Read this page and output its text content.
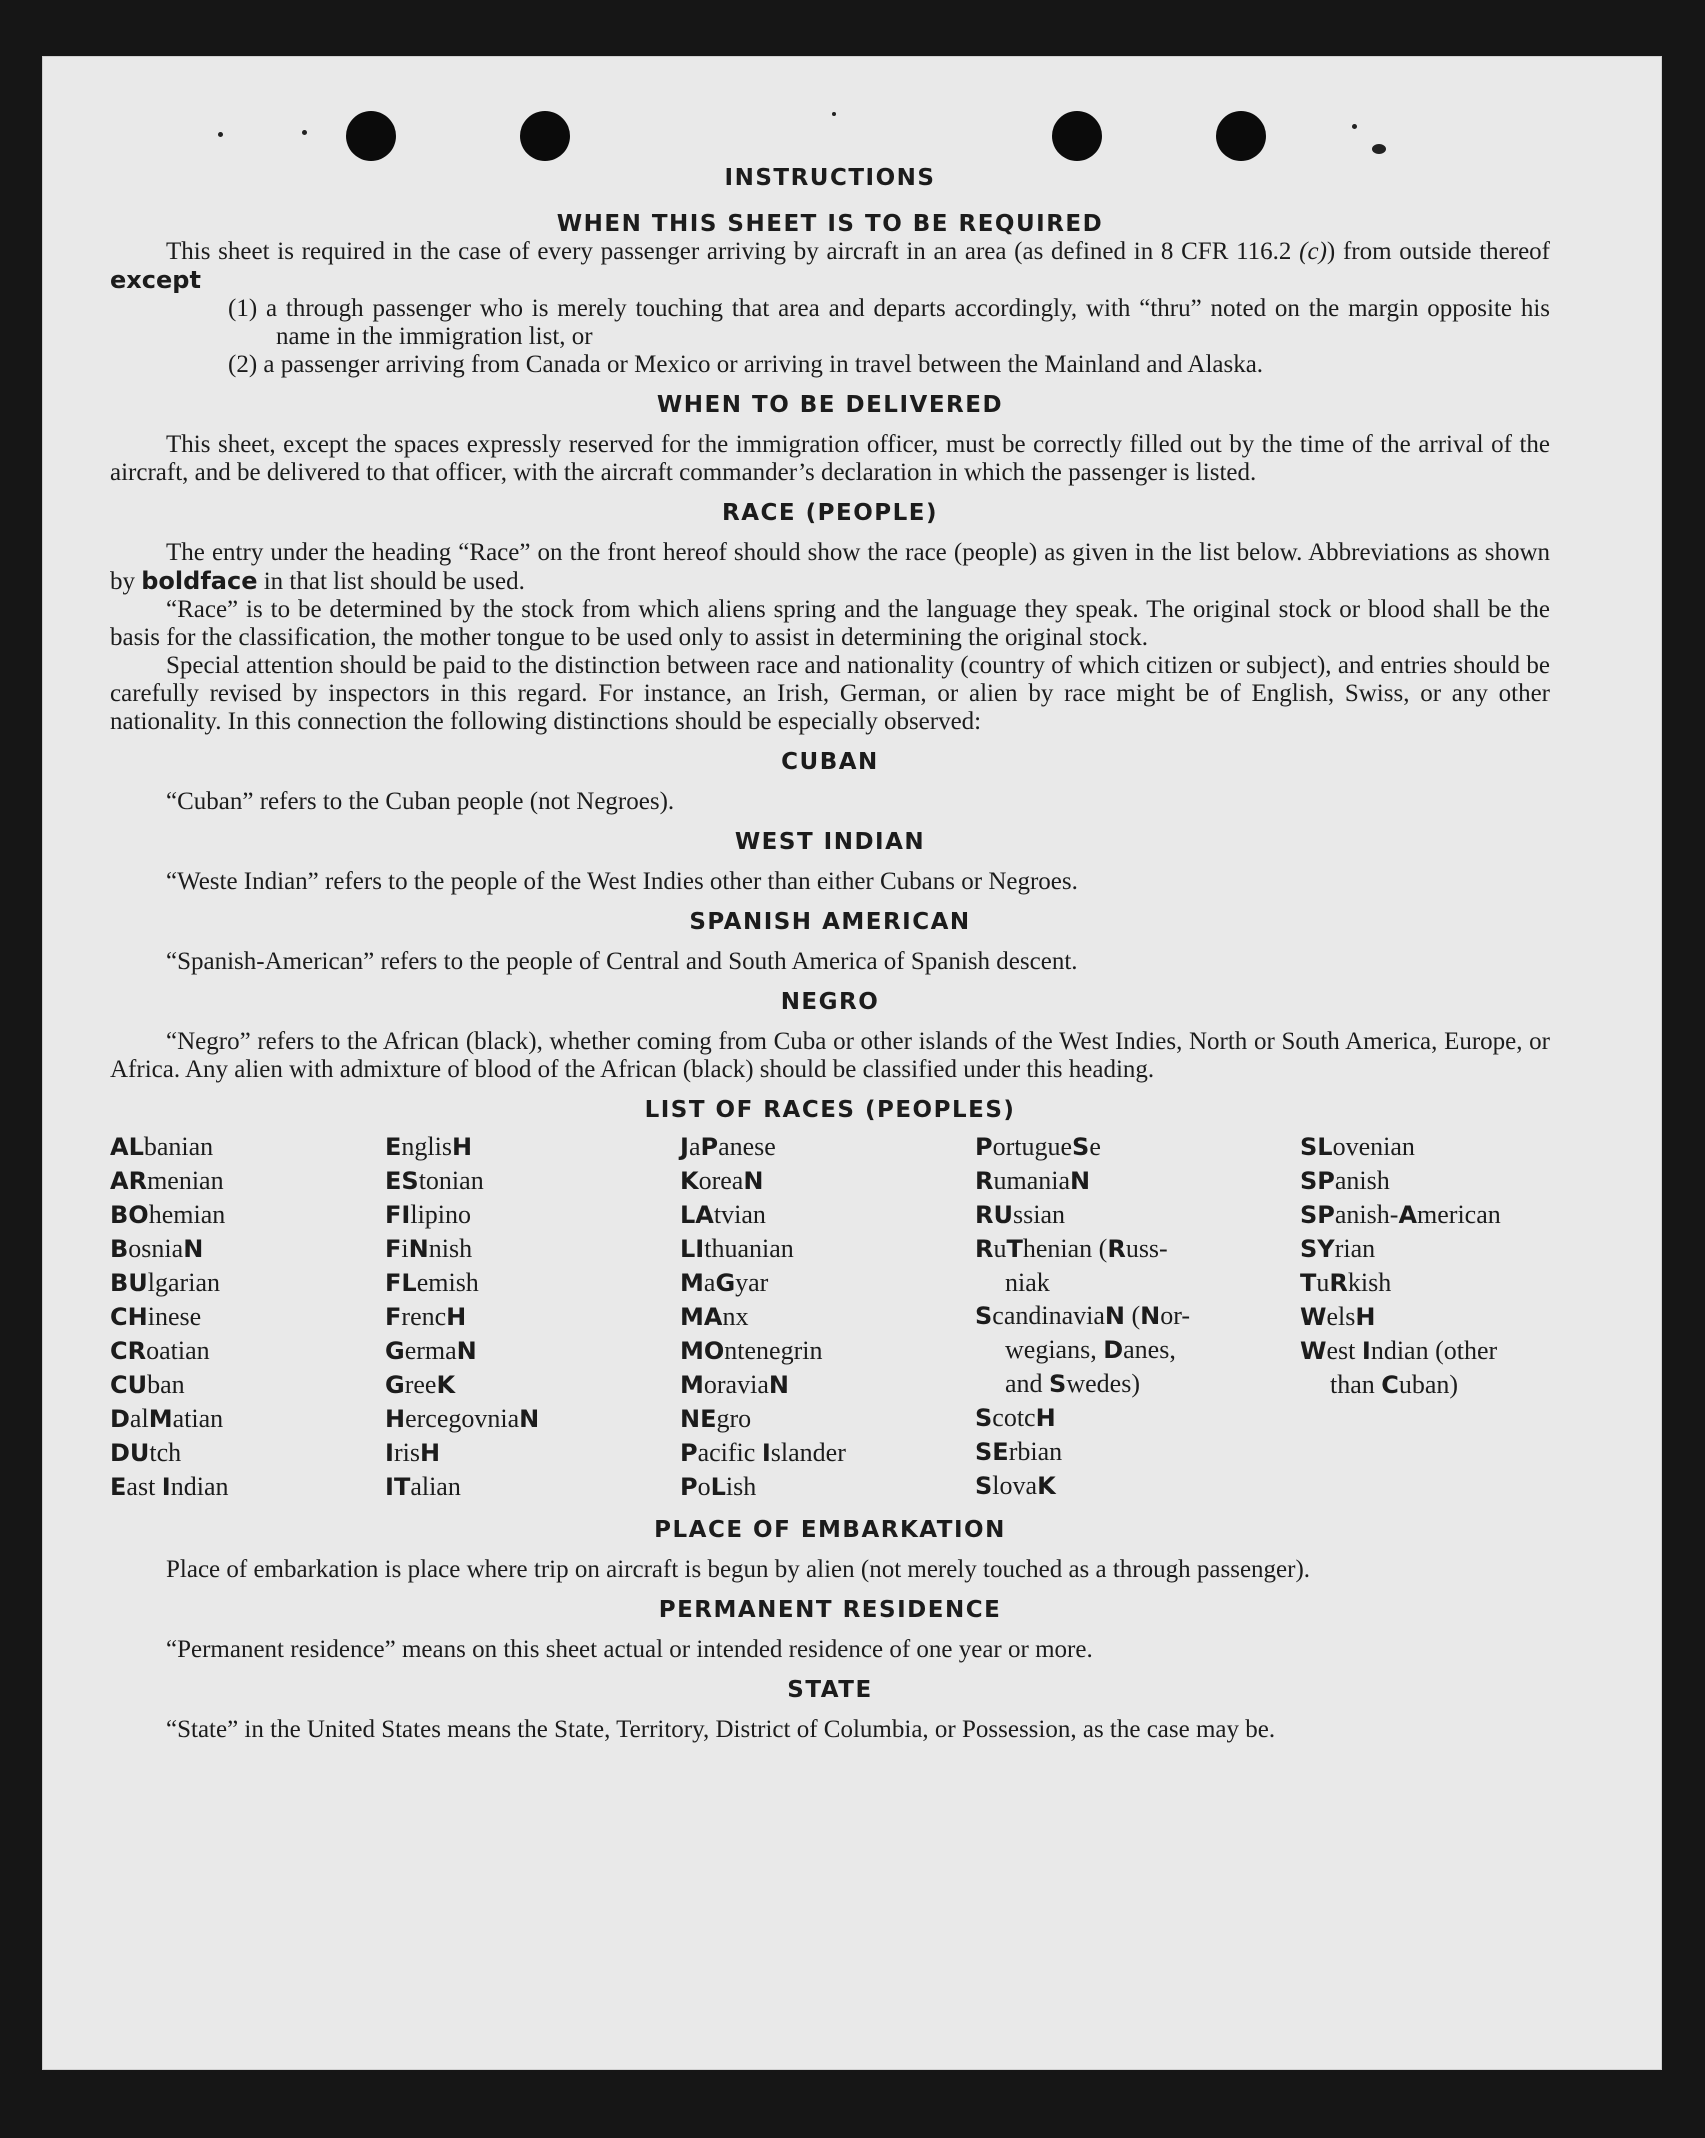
INSTRUCTIONS
WHEN THIS SHEET IS TO BE REQUIRED

This sheet is required in the case of every passenger arriving by aircraft in an area (as defined in 8 CFR 116.2 (c)) from outside thereof except

(1) a through passenger who is merely touching that area and departs accordingly, with “thru” noted on the margin opposite his name in the immigration list, or

(2) a passenger arriving from Canada or Mexico or arriving in travel between the Mainland and Alaska.

WHEN TO BE DELIVERED

This sheet, except the spaces expressly reserved for the immigration officer, must be correctly filled out by the time of the arrival of the aircraft, and be delivered to that officer, with the aircraft commander’s declaration in which the passenger is listed.

RACE (PEOPLE)

The entry under the heading “Race” on the front hereof should show the race (people) as given in the list below. Abbreviations as shown by boldface in that list should be used.

“Race” is to be determined by the stock from which aliens spring and the language they speak. The original stock or blood shall be the basis for the classification, the mother tongue to be used only to assist in determining the original stock.

Special attention should be paid to the distinction between race and nationality (country of which citizen or subject), and entries should be carefully revised by inspectors in this regard. For instance, an Irish, German, or alien by race might be of English, Swiss, or any other nationality. In this connection the following distinctions should be especially observed:

CUBAN

“Cuban” refers to the Cuban people (not Negroes).

WEST INDIAN

“Weste Indian” refers to the people of the West Indies other than either Cubans or Negroes.

SPANISH AMERICAN

“Spanish-American” refers to the people of Central and South America of Spanish descent.

NEGRO

“Negro” refers to the African (black), whether coming from Cuba or other islands of the West Indies, North or South America, Europe, or Africa. Any alien with admixture of blood of the African (black) should be classified under this heading.

LIST OF RACES (PEOPLES)
ALbanian
ARmenian
BOhemian
BosniaN
BUlgarian
CHinese
CRoatian
CUban
DalMatian
DUtch
East Indian
EnglisH
EStonian
FIlipino
FiNnish
FLemish
FrencH
GermaN
GreeK
HercegovniaN
IrisH
ITalian
JaPanese
KoreaN
LAtvian
LIthuanian
MaGyar
MAnx
MOntenegrin
MoraviaN
NEgro
Pacific Islander
PoLish
PortugueSe
RumaniaN
RUssian
RuThenian (Russ-
niak
ScandinaviaN (Nor-
wegians, Danes,
and Swedes)
ScotcH
SErbian
SlovaK
SLovenian
SPanish
SPanish-American
SYrian
TuRkish
WelsH
West Indian (other
than Cuban)
PLACE OF EMBARKATION

Place of embarkation is place where trip on aircraft is begun by alien (not merely touched as a through passenger).

PERMANENT RESIDENCE

“Permanent residence” means on this sheet actual or intended residence of one year or more.

STATE

“State” in the United States means the State, Territory, District of Columbia, or Possession, as the case may be.
